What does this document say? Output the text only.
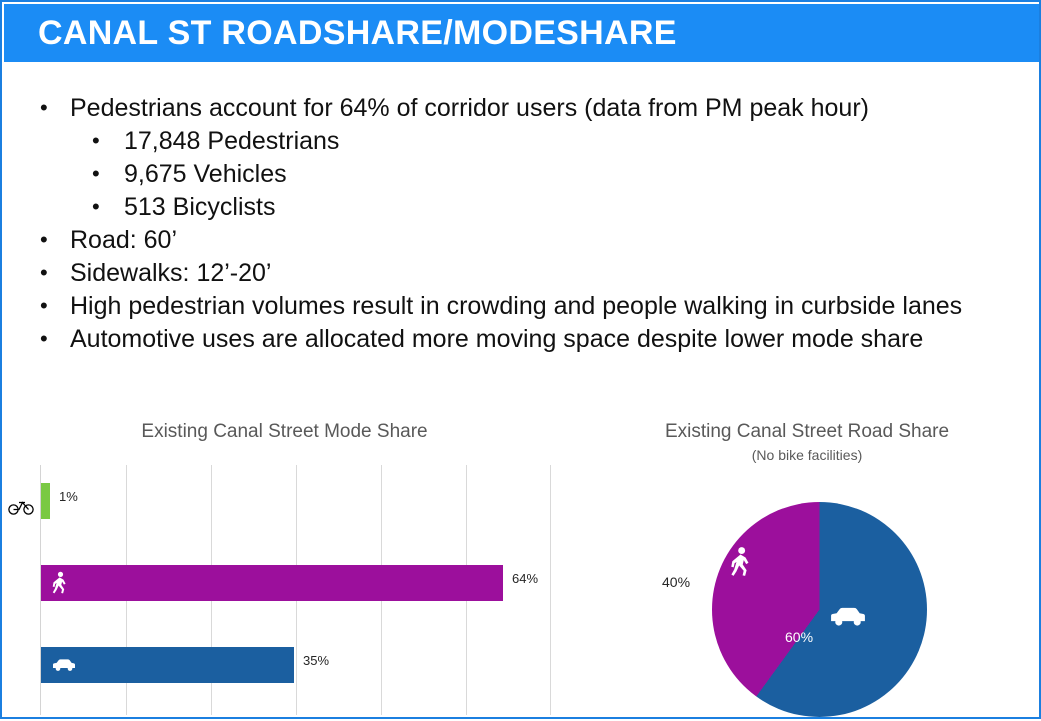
CANAL ST ROADSHARE/MODESHARE
• Pedestrians account for 64% of corridor users (data from PM peak hour)
• 17,848 Pedestrians
• 9,675 Vehicles
• 513 Bicyclists
• Road: 60’
• Sidewalks: 12’-20’
• High pedestrian volumes result in crowding and people walking in curbside lanes
• Automotive uses are allocated more moving space despite lower mode share
Existing Canal Street Mode Share
1%
64%
35%
Existing Canal Street Road Share
(No bike facilities)
60%
40%
